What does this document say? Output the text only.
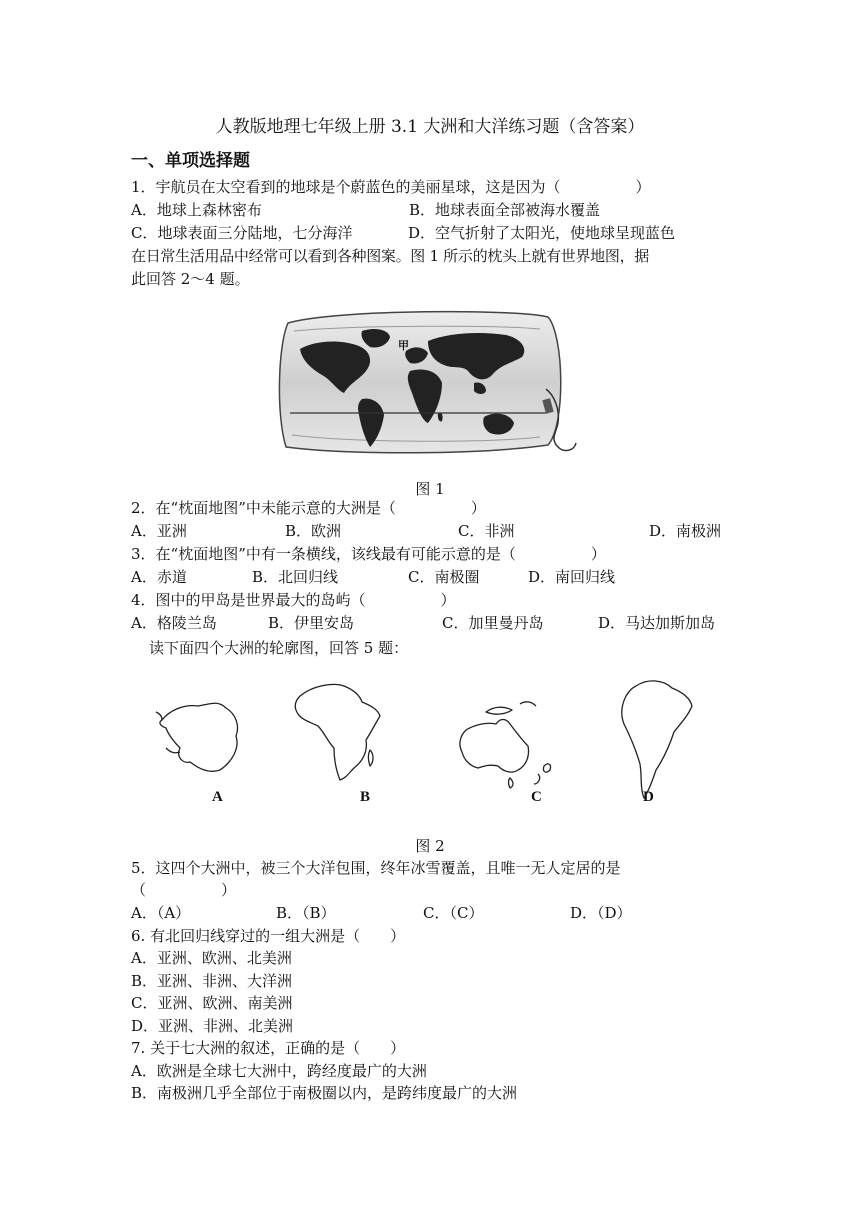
人教版地理七年级上册 3.1 大洲和大洋练习题（含答案）
一、单项选择题
1．宇航员在太空看到的地球是个蔚蓝色的美丽星球，这是因为（　　　　　）
A．地球上森林密布	B．地球表面全部被海水覆盖
C．地球表面三分陆地，七分海洋	D．空气折射了太阳光，使地球呈现蓝色
在日常生活用品中经常可以看到各种图案。图 1 所示的枕头上就有世界地图，据
此回答 2～4 题。
甲
图 1
2．在“枕面地图”中未能示意的大洲是（　　　　　）
A．亚洲	B．欧洲	C．非洲	D．南极洲
3．在“枕面地图”中有一条横线，该线最有可能示意的是（　　　　　）
A．赤道	B．北回归线	C．南极圈	D．南回归线
4．图中的甲岛是世界最大的岛屿（　　　　　）
A．格陵兰岛	B．伊里安岛	C．加里曼丹岛	D．马达加斯加岛
读下面四个大洲的轮廓图，回答 5 题：
A	B	C	D
图 2
5．这四个大洲中，被三个大洋包围，终年冰雪覆盖，且唯一无人定居的是
（　　　　　）
A．（A）	B．（B）	C．（C）	D．（D）
6. 有北回归线穿过的一组大洲是（　　）
A．亚洲、欧洲、北美洲
B．亚洲、非洲、大洋洲
C．亚洲、欧洲、南美洲
D．亚洲、非洲、北美洲
7. 关于七大洲的叙述，正确的是（　　）
A．欧洲是全球七大洲中，跨经度最广的大洲
B．南极洲几乎全部位于南极圈以内，是跨纬度最广的大洲
